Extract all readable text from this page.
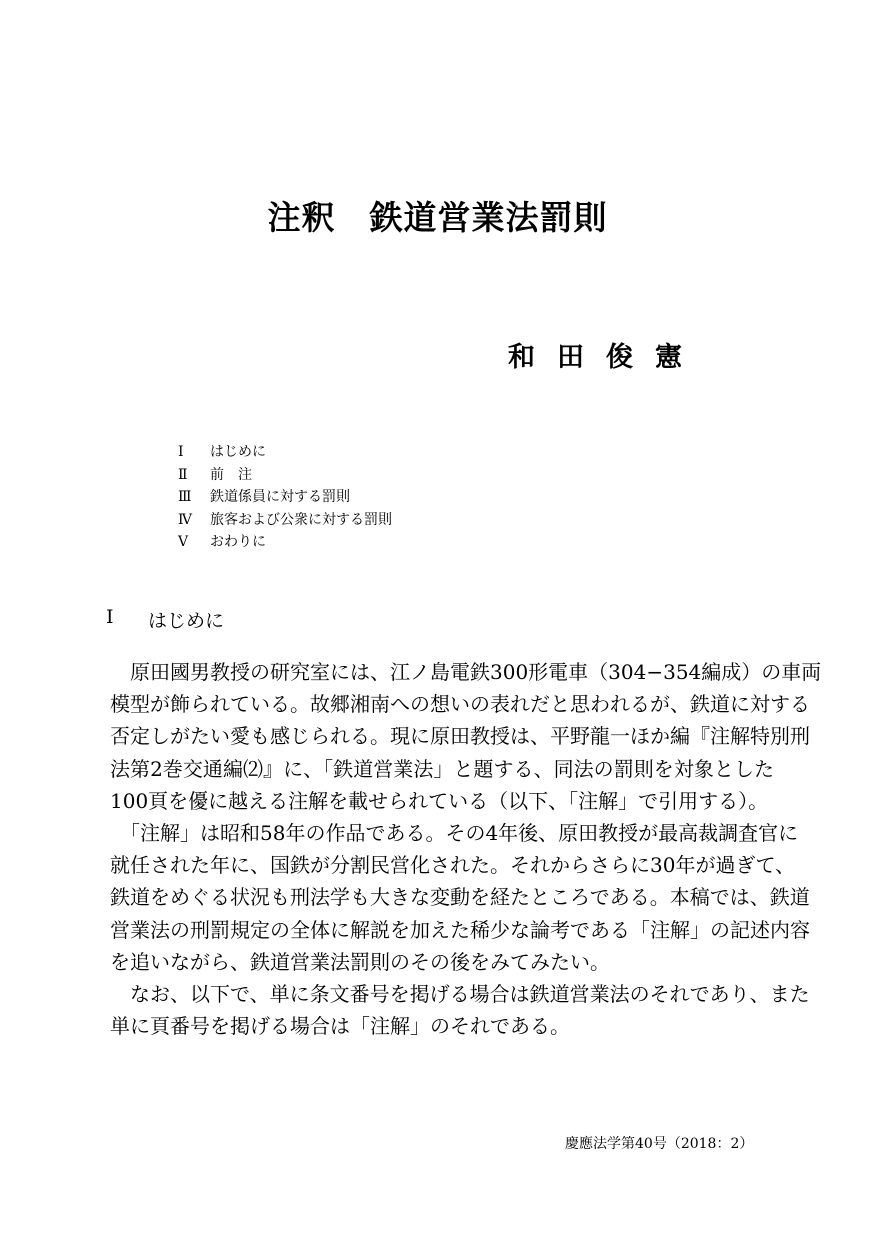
注釈　鉄道営業法罰則
和田俊憲
Ⅰ	はじめに
Ⅱ	前　注
Ⅲ	鉄道係員に対する罰則
Ⅳ	旅客および公衆に対する罰則
Ⅴ	おわりに
Ⅰ	はじめに
　原田國男教授の研究室には、江ノ島電鉄300形電車（304−354編成）の車両
模型が飾られている。故郷湘南への想いの表れだと思われるが、鉄道に対する
否定しがたい愛も感じられる。現に原田教授は、平野龍一ほか編『注解特別刑
法第2巻交通編⑵』に、「鉄道営業法」と題する、同法の罰則を対象とした
100頁を優に越える注解を載せられている（以下、「注解」で引用する）。
　「注解」は昭和58年の作品である。その4年後、原田教授が最高裁調査官に
就任された年に、国鉄が分割民営化された。それからさらに30年が過ぎて、
鉄道をめぐる状況も刑法学も大きな変動を経たところである。本稿では、鉄道
営業法の刑罰規定の全体に解説を加えた稀少な論考である「注解」の記述内容
を追いながら、鉄道営業法罰則のその後をみてみたい。
　なお、以下で、単に条文番号を掲げる場合は鉄道営業法のそれであり、また
単に頁番号を掲げる場合は「注解」のそれである。
慶應法学第40号（2018：2）
